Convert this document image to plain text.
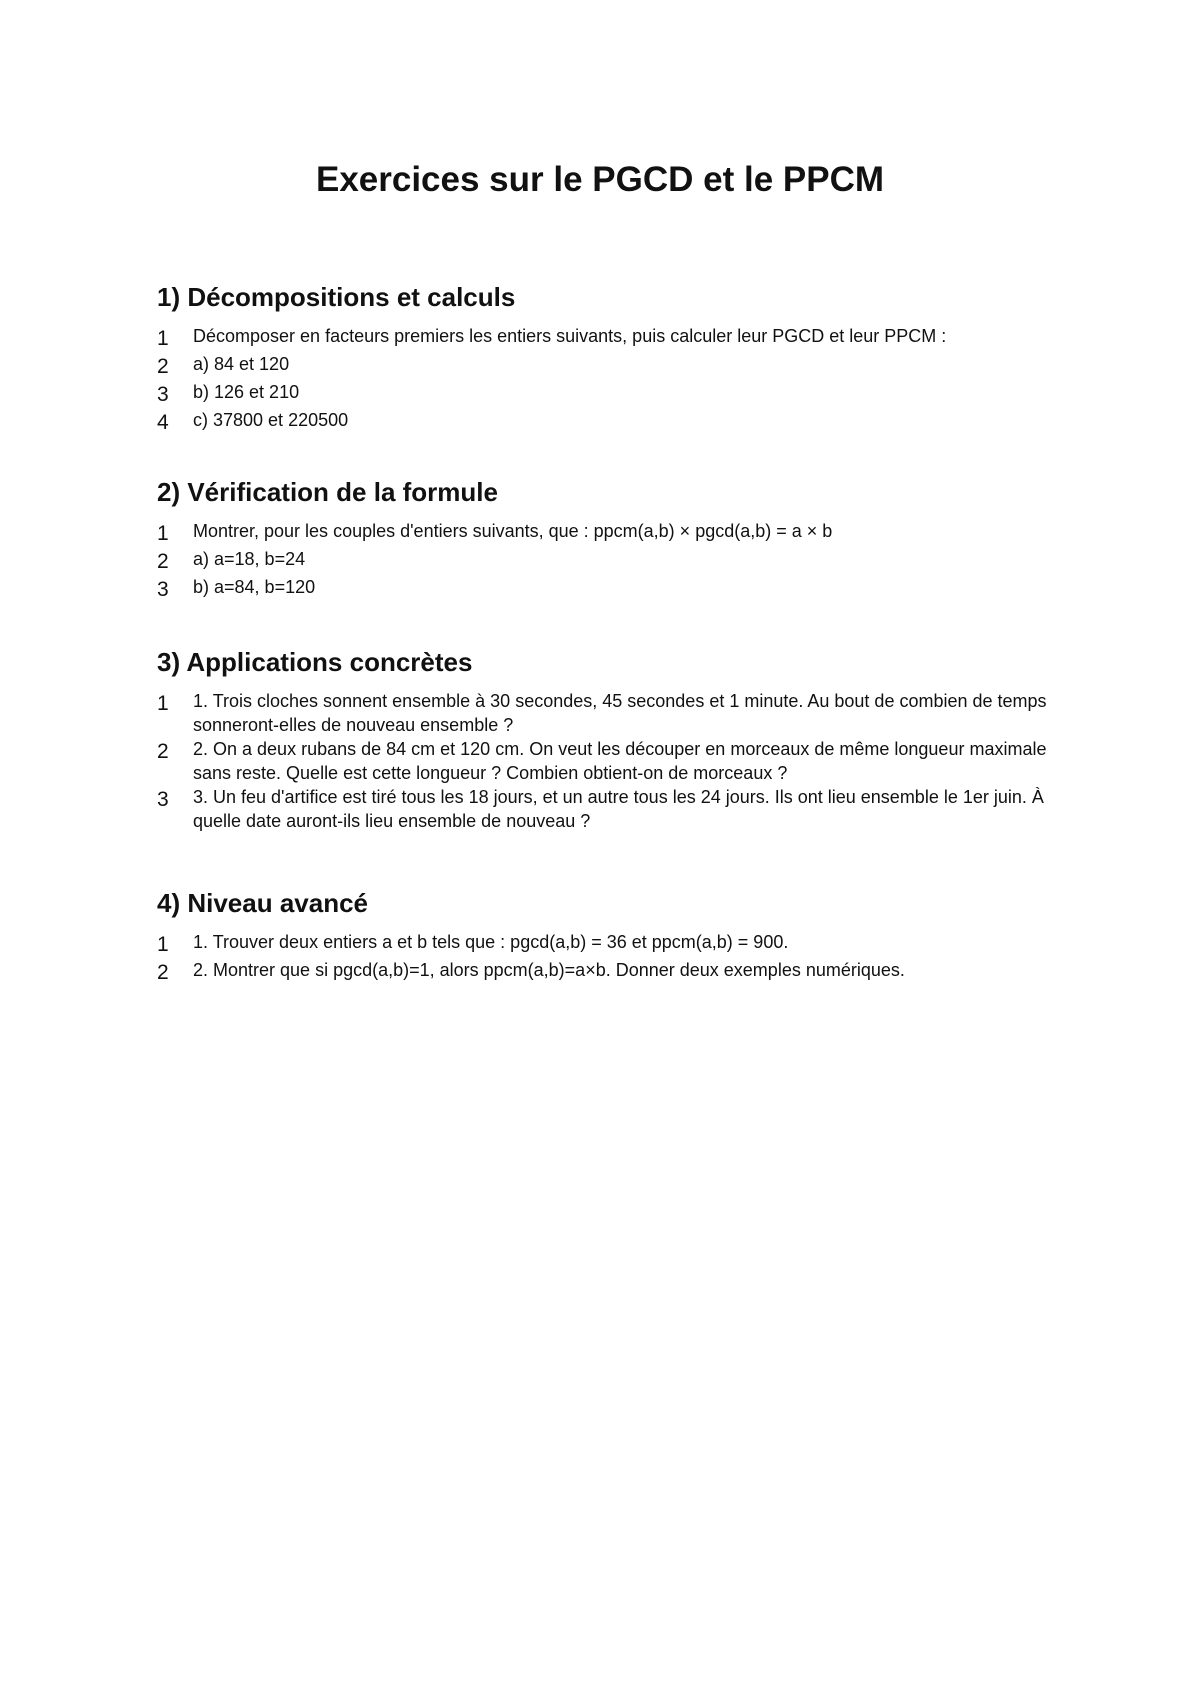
Exercices sur le PGCD et le PPCM
1) Décompositions et calculs
1	Décomposer en facteurs premiers les entiers suivants, puis calculer leur PGCD et leur PPCM :
2	a) 84 et 120
3	b) 126 et 210
4	c) 37800 et 220500
2) Vérification de la formule
1	Montrer, pour les couples d'entiers suivants, que : ppcm(a,b) × pgcd(a,b) = a × b
2	a) a=18, b=24
3	b) a=84, b=120
3) Applications concrètes
1	1. Trois cloches sonnent ensemble à 30 secondes, 45 secondes et 1 minute. Au bout de combien de temps sonneront-elles de nouveau ensemble ?
2	2. On a deux rubans de 84 cm et 120 cm. On veut les découper en morceaux de même longueur maximale sans reste. Quelle est cette longueur ? Combien obtient-on de morceaux ?
3	3. Un feu d'artifice est tiré tous les 18 jours, et un autre tous les 24 jours. Ils ont lieu ensemble le 1er juin. À quelle date auront-ils lieu ensemble de nouveau ?
4) Niveau avancé
1	1. Trouver deux entiers a et b tels que : pgcd(a,b) = 36 et ppcm(a,b) = 900.
2	2. Montrer que si pgcd(a,b)=1, alors ppcm(a,b)=a×b. Donner deux exemples numériques.
